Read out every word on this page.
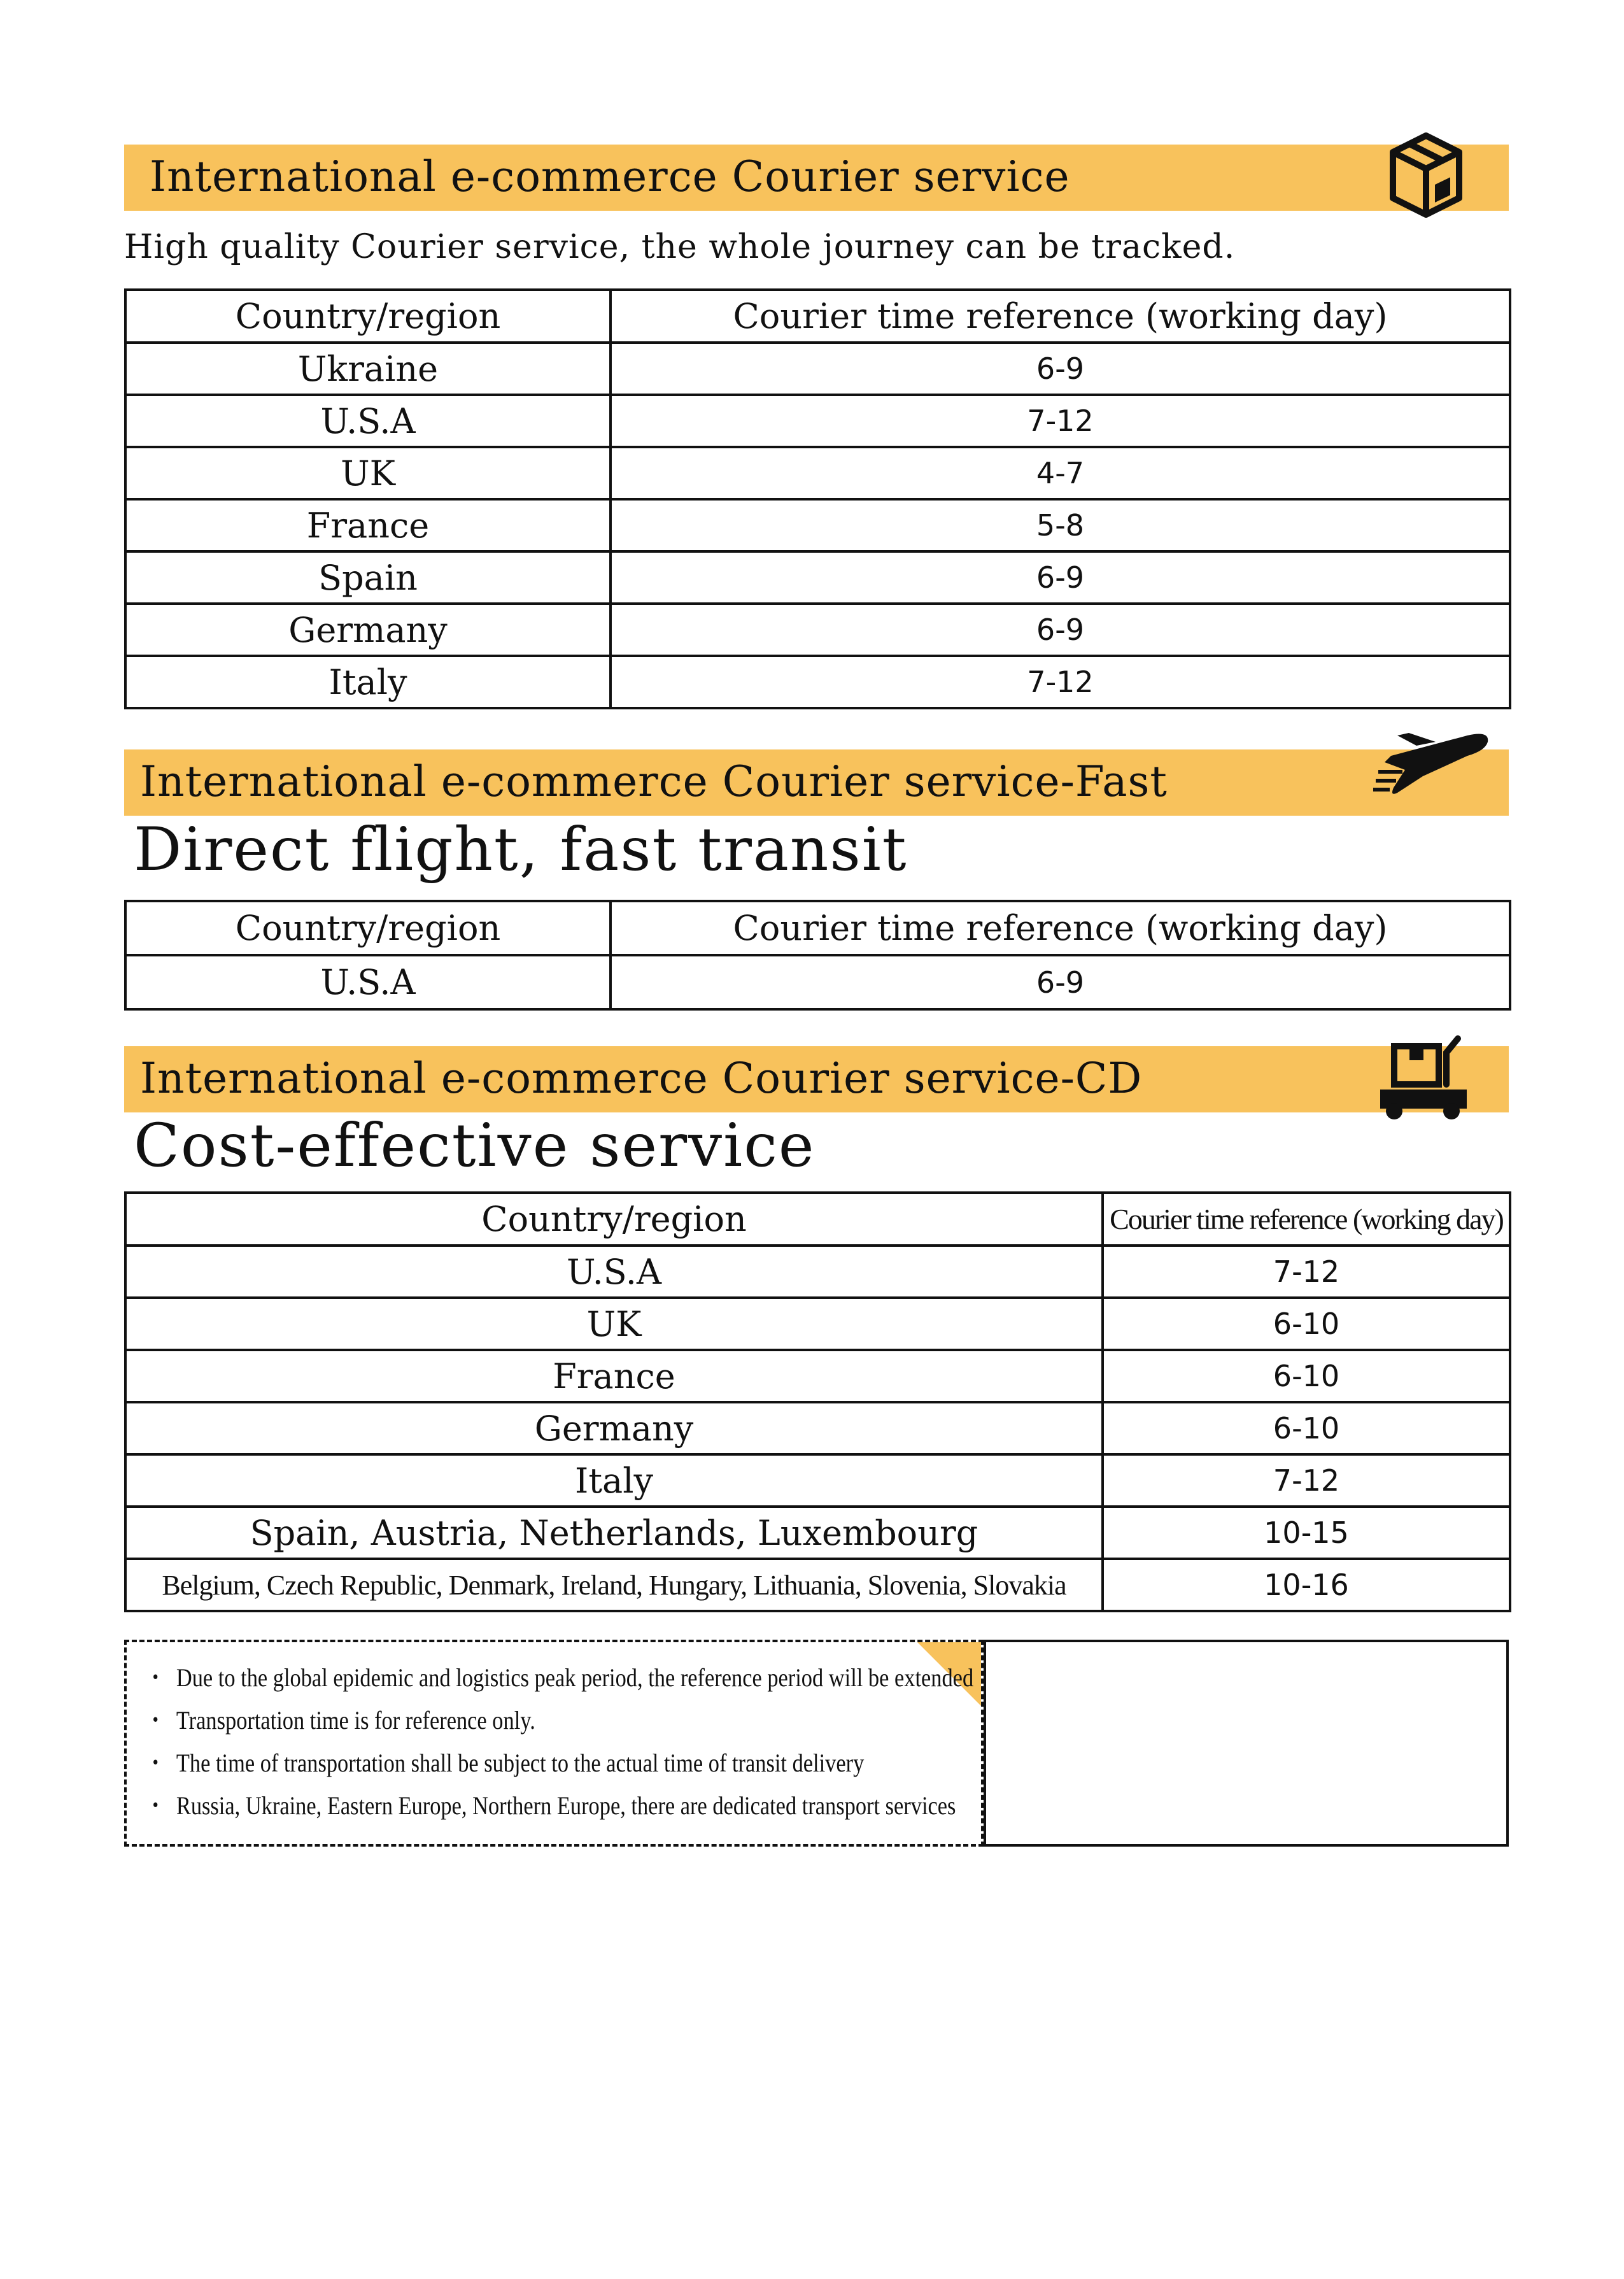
International e-commerce Courier service
High quality Courier service, the whole journey can be tracked.
Country/region	Courier time reference (working day)
Ukraine	6-9
U.S.A	7-12
UK	4-7
France	5-8
Spain	6-9
Germany	6-9
Italy	7-12
International e-commerce Courier service-Fast
Direct flight, fast transit
Country/region	Courier time reference (working day)
U.S.A	6-9
International e-commerce Courier service-CD
Cost-effective service
Country/region	Courier time reference (working day)
U.S.A	7-12
UK	6-10
France	6-10
Germany	6-10
Italy	7-12
Spain, Austria, Netherlands, Luxembourg	10-15
Belgium, Czech Republic, Denmark, Ireland, Hungary, Lithuania, Slovenia, Slovakia	10-16
・ Due to the global epidemic and logistics peak period, the reference period will be extended
・ Transportation time is for reference only.
・ The time of transportation shall be subject to the actual time of transit delivery
・ Russia, Ukraine, Eastern Europe, Northern Europe, there are dedicated transport services
